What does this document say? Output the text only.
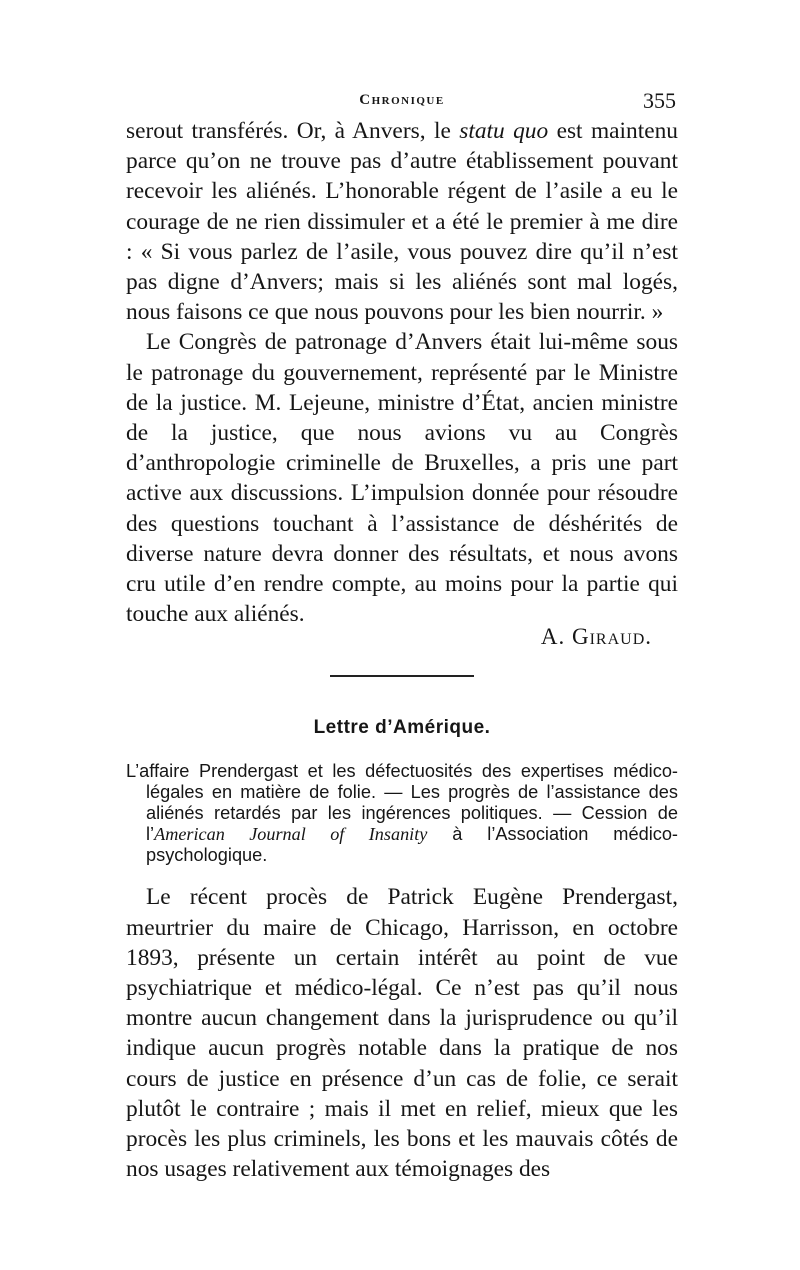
Chronique	355

serout transférés. Or, à Anvers, le statu quo est maintenu parce qu’on ne trouve pas d’autre établissement pouvant recevoir les aliénés. L’honorable régent de l’asile a eu le courage de ne rien dissimuler et a été le premier à me dire : « Si vous parlez de l’asile, vous pouvez dire qu’il n’est pas digne d’Anvers; mais si les aliénés sont mal logés, nous faisons ce que nous pouvons pour les bien nourrir. »

Le Congrès de patronage d’Anvers était lui-même sous le patronage du gouvernement, représenté par le Ministre de la justice. M. Lejeune, ministre d’État, ancien ministre de la justice, que nous avions vu au Congrès d’anthropologie criminelle de Bruxelles, a pris une part active aux discussions. L’impulsion donnée pour résoudre des questions touchant à l’assistance de déshérités de diverse nature devra donner des résultats, et nous avons cru utile d’en rendre compte, au moins pour la partie qui touche aux aliénés.

A. Giraud.
Lettre d’Amérique.

L’affaire Prendergast et les défectuosités des expertises médico-légales en matière de folie. — Les progrès de l’assistance des aliénés retardés par les ingérences politiques. — Cession de l’American Journal of Insanity à l’Association médico-psychologique.

Le récent procès de Patrick Eugène Prendergast, meurtrier du maire de Chicago, Harrisson, en octobre 1893, présente un certain intérêt au point de vue psychiatrique et médico-légal. Ce n’est pas qu’il nous montre aucun changement dans la jurisprudence ou qu’il indique aucun progrès notable dans la pratique de nos cours de justice en présence d’un cas de folie, ce serait plutôt le contraire ; mais il met en relief, mieux que les procès les plus criminels, les bons et les mauvais côtés de nos usages relativement aux témoignages des
